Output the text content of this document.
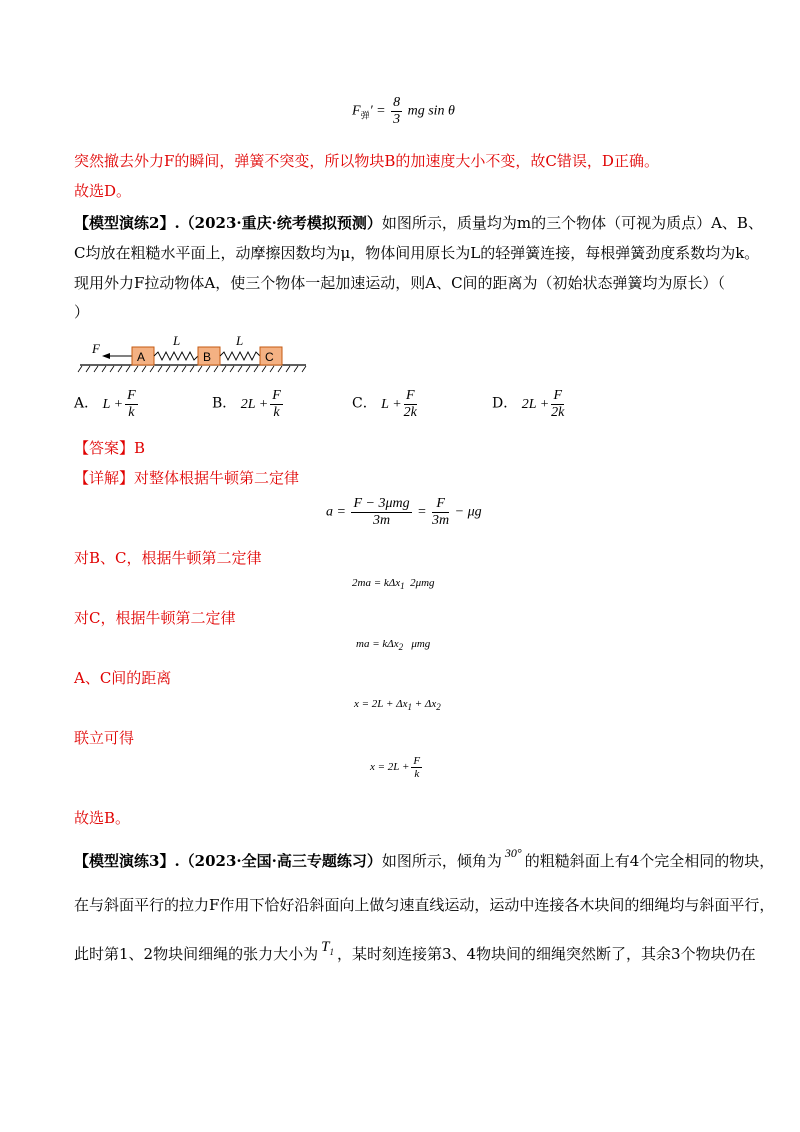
$F_弹' = \frac{8}{3}$ mg sin θ
突然撤去外力F的瞬间，弹簧不突变，所以物块B的加速度大小不变，故C错误，D正确。
故选D。
【模型演练2】.（2023·重庆·统考模拟预测）如图所示，质量均为m的三个物体（可视为质点）A、B、
C均放在粗糙水平面上，动摩擦因数均为μ，物体间用原长为L的轻弹簧连接，每根弹簧劲度系数均为k。
现用外力F拉动物体A，使三个物体一起加速运动，则A、C间的距离为（初始状态弹簧均为原长）（
）
F
A
L
B
L
C
A． $L + \frac{F}{k}$	B． $2L + \frac{F}{k}$	C． $L + \frac{F}{2k}$	D． $2L + \frac{F}{2k}$
【答案】B
【详解】对整体根据牛顿第二定律
$a = \frac{\text{F − 3μmg}}{3m} = \frac{F}{3m} - \mu g$
对B、C，根据牛顿第二定律
2ma = kΔx$_1$ 2μmg
对C，根据牛顿第二定律
ma = kΔx$_2$ μmg
A、C间的距离
$x = 2L + \Delta x_1 + \Delta x_2$
联立可得
$x = 2L + \frac{F}{k}$
故选B。
【模型演练3】.（2023·全国·高三专题练习）如图所示，倾角为 $^{30^\circ}$ 的粗糙斜面上有4个完全相同的物块，
在与斜面平行的拉力F作用下恰好沿斜面向上做匀速直线运动，运动中连接各木块间的细绳均与斜面平行，
此时第1、2物块间细绳的张力大小为 $T_1$ ，某时刻连接第3、4物块间的细绳突然断了，其余3个物块仍在
